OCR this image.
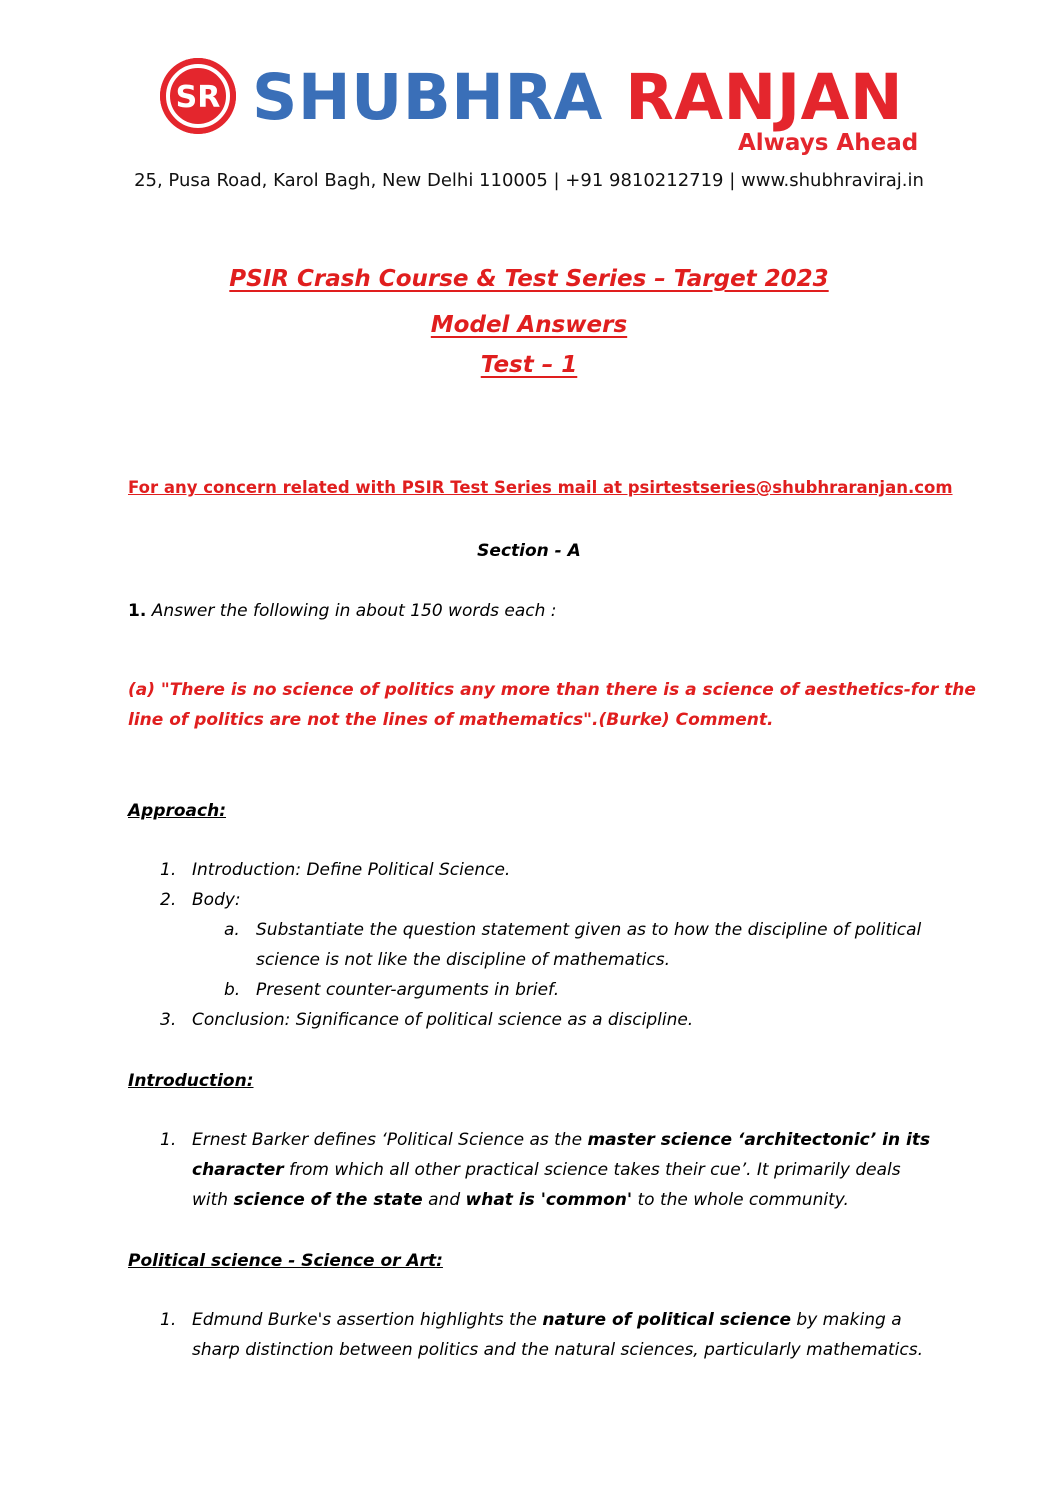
SR SHUBHRA RANJAN
Always Ahead
25, Pusa Road, Karol Bagh, New Delhi 110005 | +91 9810212719 | www.shubhraviraj.in
PSIR Crash Course & Test Series – Target 2023
Model Answers
Test – 1
For any concern related with PSIR Test Series mail at psirtestseries@shubhraranjan.com
Section - A
1. Answer the following in about 150 words each :
(a) "There is no science of politics any more than there is a science of aesthetics-for the
line of politics are not the lines of mathematics".(Burke) Comment.
Approach:
1. Introduction: Define Political Science.
2. Body:
a. Substantiate the question statement given as to how the discipline of political
science is not like the discipline of mathematics.
b. Present counter-arguments in brief.
3. Conclusion: Significance of political science as a discipline.
Introduction:
1. Ernest Barker defines ‘Political Science as the master science ‘architectonic’ in its
character from which all other practical science takes their cue’. It primarily deals
with science of the state and what is 'common' to the whole community.
Political science - Science or Art:
1. Edmund Burke's assertion highlights the nature of political science by making a
sharp distinction between politics and the natural sciences, particularly mathematics.
